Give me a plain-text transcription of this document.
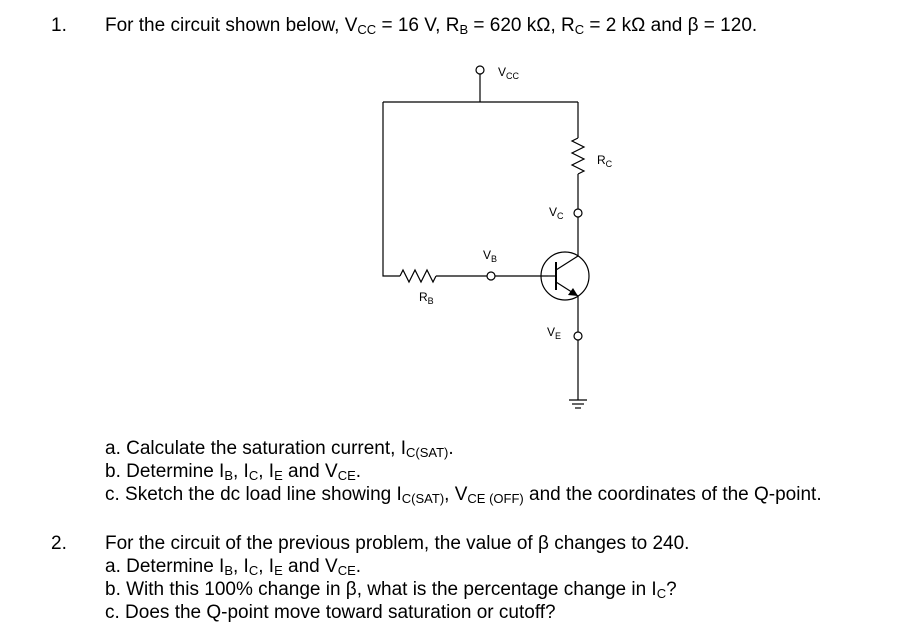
1. For the circuit shown below, $V_{CC} = 16$ V, $R_B = 620$ kΩ, $R_C = 2$ kΩ and β = 120.
$V_{CC}$
$R_C$
$V_C$
$V_B$
$R_B$
$V_E$
a. Calculate the saturation current, $I_{C(SAT)}$.
b. Determine $I_B$, $I_C$, $I_E$ and $V_{CE}$.
c. Sketch the dc load line showing $I_{C(SAT)}$, $V_{CE (OFF)}$ and the coordinates of the Q-point.
2. For the circuit of the previous problem, the value of β changes to 240.
a. Determine $I_B$, $I_C$, $I_E$ and $V_{CE}$.
b. With this 100% change in β, what is the percentage change in $I_C$?
c. Does the Q-point move toward saturation or cutoff?
